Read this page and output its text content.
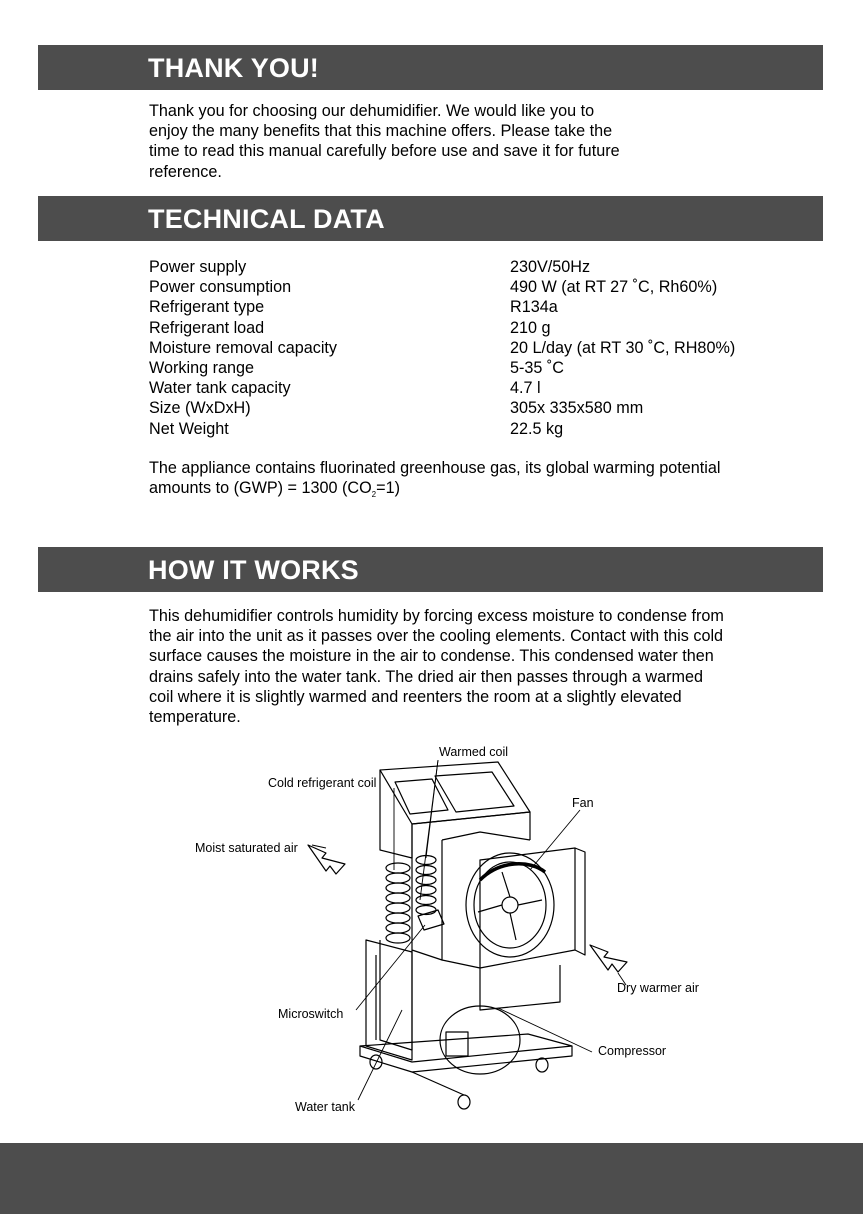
THANK YOU!
Thank you for choosing our dehumidifier. We would like you to
enjoy the many benefits that this machine offers. Please take the
time to read this manual carefully before use and save it for future
reference.
TECHNICAL DATA
Power supply	230V/50Hz
Power consumption	490 W (at RT 27 ˚C, Rh60%)
Refrigerant type	R134a
Refrigerant load	210 g
Moisture removal capacity	20 L/day (at RT 30 ˚C, RH80%)
Working range	5-35 ˚C
Water tank capacity	4.7 l
Size (WxDxH)	305x 335x580 mm
Net Weight	22.5 kg
The appliance contains fluorinated greenhouse gas, its global warming potential
amounts to (GWP) = 1300 $(CO_2=1)$
HOW IT WORKS
This dehumidifier controls humidity by forcing excess moisture to condense from
the air into the unit as it passes over the cooling elements. Contact with this cold
surface causes the moisture in the air to condense. This condensed water then
drains safely into the water tank. The dried air then passes through a warmed
coil where it is slightly warmed and reenters the room at a slightly elevated
temperature.
Warmed coil
Cold refrigerant coil
Fan
Moist saturated air
Dry warmer air
Microswitch
Compressor
Water tank
